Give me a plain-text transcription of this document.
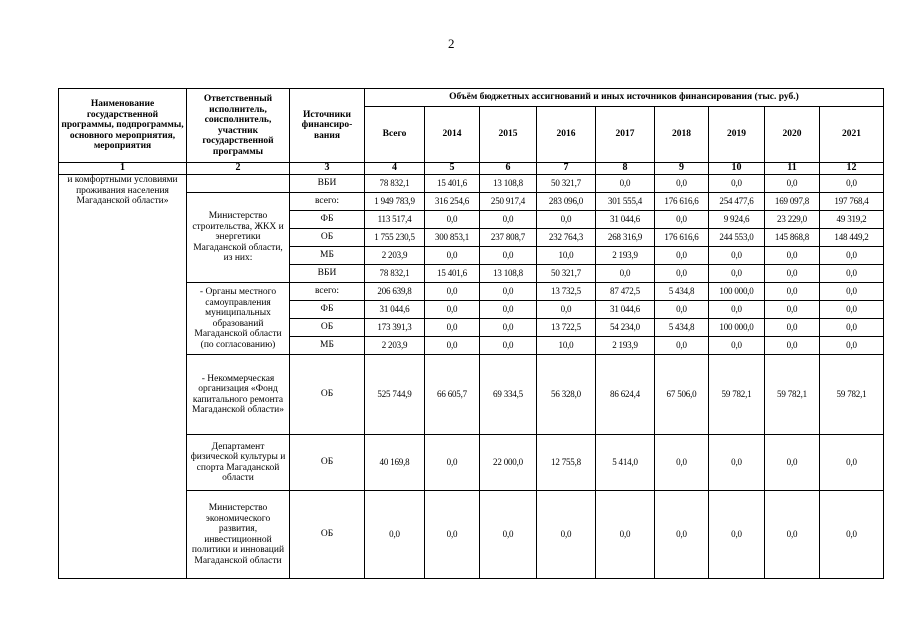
2
Наименование государственной программы, подпрограммы, основного мероприятия, мероприятия	Ответственный исполнитель, соисполнитель, участник государственной программы	Источники финансиро-вания	Объём бюджетных ассигнований и иных источников финансирования (тыс. руб.)								
			Всего	2014	2015	2016	2017	2018	2019	2020	2021
1	2	3	4	5	6	7	8	9	10	11	12
и комфортными условиями проживания населения Магаданской области»		ВБИ	78 832,1	15 401,6	13 108,8	50 321,7	0,0	0,0	0,0	0,0	0,0
	Министерство строительства, ЖКХ и энергетики Магаданской области, из них:	всего:	1 949 783,9	316 254,6	250 917,4	283 096,0	301 555,4	176 616,6	254 477,6	169 097,8	197 768,4
		ФБ	113 517,4	0,0	0,0	0,0	31 044,6	0,0	9 924,6	23 229,0	49 319,2
		ОБ	1 755 230,5	300 853,1	237 808,7	232 764,3	268 316,9	176 616,6	244 553,0	145 868,8	148 449,2
		МБ	2 203,9	0,0	0,0	10,0	2 193,9	0,0	0,0	0,0	0,0
		ВБИ	78 832,1	15 401,6	13 108,8	50 321,7	0,0	0,0	0,0	0,0	0,0
	- Органы местного самоуправления муниципальных образований Магаданской области (по согласованию)	всего:	206 639,8	0,0	0,0	13 732,5	87 472,5	5 434,8	100 000,0	0,0	0,0
		ФБ	31 044,6	0,0	0,0	0,0	31 044,6	0,0	0,0	0,0	0,0
		ОБ	173 391,3	0,0	0,0	13 722,5	54 234,0	5 434,8	100 000,0	0,0	0,0
		МБ	2 203,9	0,0	0,0	10,0	2 193,9	0,0	0,0	0,0	0,0
	- Некоммерческая организация «Фонд капитального ремонта Магаданской области»	ОБ	525 744,9	66 605,7	69 334,5	56 328,0	86 624,4	67 506,0	59 782,1	59 782,1	59 782,1
	Департамент физической культуры и спорта Магаданской области	ОБ	40 169,8	0,0	22 000,0	12 755,8	5 414,0	0,0	0,0	0,0	0,0
	Министерство экономического развития, инвестиционной политики и инноваций Магаданской области	ОБ	0,0	0,0	0,0	0,0	0,0	0,0	0,0	0,0	0,0
